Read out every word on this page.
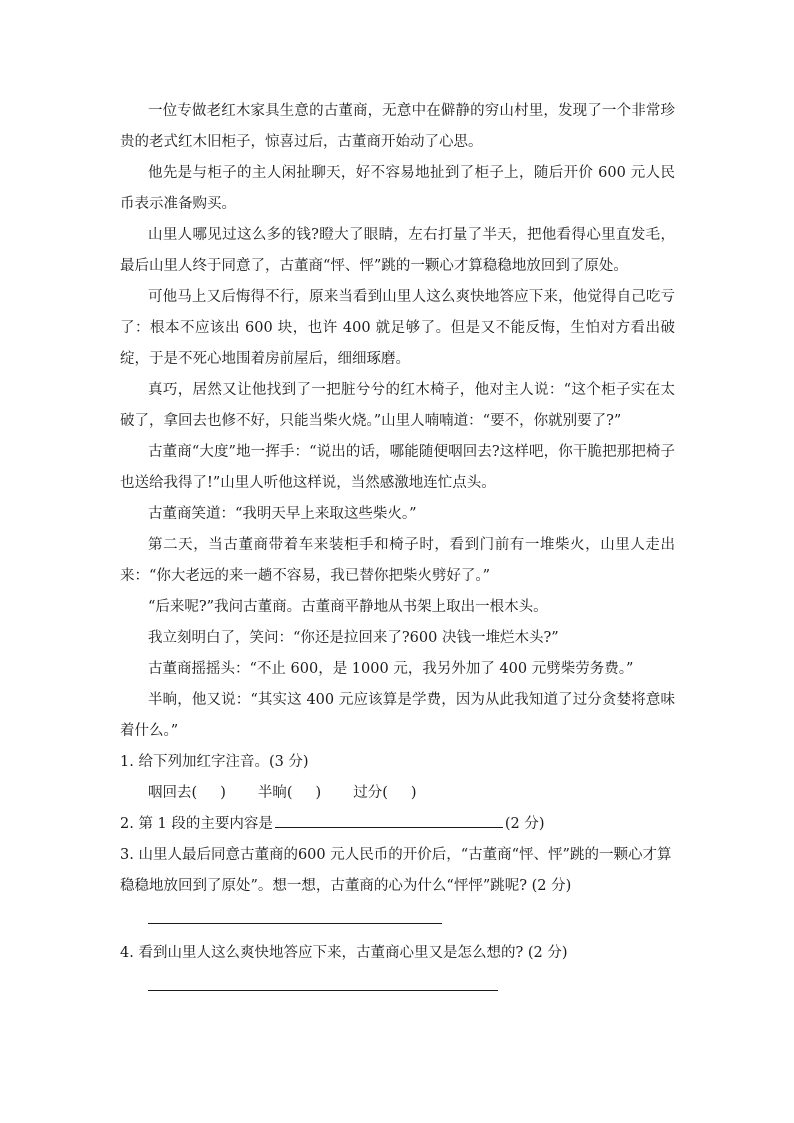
一位专做老红木家具生意的古董商，无意中在僻静的穷山村里，发现了一个非常珍贵的老式红木旧柜子，惊喜过后，古董商开始动了心思。

他先是与柜子的主人闲扯聊天，好不容易地扯到了柜子上，随后开价 600 元人民币表示准备购买。

山里人哪见过这么多的钱?瞪大了眼睛，左右打量了半天，把他看得心里直发毛，最后山里人终于同意了，古董商“怦、怦”跳的一颗心才算稳稳地放回到了原处。

可他马上又后悔得不行，原来当看到山里人这么爽快地答应下来，他觉得自己吃亏了：根本不应该出 600 块，也许 400 就足够了。但是又不能反悔，生怕对方看出破绽，于是不死心地围着房前屋后，细细琢磨。

真巧，居然又让他找到了一把脏兮兮的红木椅子，他对主人说：“这个柜子实在太破了，拿回去也修不好，只能当柴火烧。”山里人喃喃道：“要不，你就别要了?”

古董商“大度”地一挥手：“说出的话，哪能随便咽回去?这样吧，你干脆把那把椅子也送给我得了!”山里人听他这样说，当然感激地连忙点头。

古董商笑道：“我明天早上来取这些柴火。”

第二天，当古董商带着车来装柜手和椅子时，看到门前有一堆柴火，山里人走出来：“你大老远的来一趟不容易，我已替你把柴火劈好了。”

“后来呢?”我问古董商。古董商平静地从书架上取出一根木头。

我立刻明白了，笑问：“你还是拉回来了?600 决钱一堆烂木头?”

古董商摇摇头：“不止 600，是 1000 元，我另外加了 400 元劈柴劳务费。”

半晌，他又说：“其实这 400 元应该算是学费，因为从此我知道了过分贪婪将意味着什么。”

1. 给下列加红字注音。(3 分)

咽回去(     ) 半晌(     ) 过分(     )

2. 第 1 段的主要内容是	(2 分)

3. 山里人最后同意古董商的600 元人民币的开价后，“古董商“怦、怦”跳的一颗心才算稳稳地放回到了原处”。想一想，古董商的心为什么“怦怦”跳呢? (2 分)

4. 看到山里人这么爽快地答应下来，古董商心里又是怎么想的? (2 分)
